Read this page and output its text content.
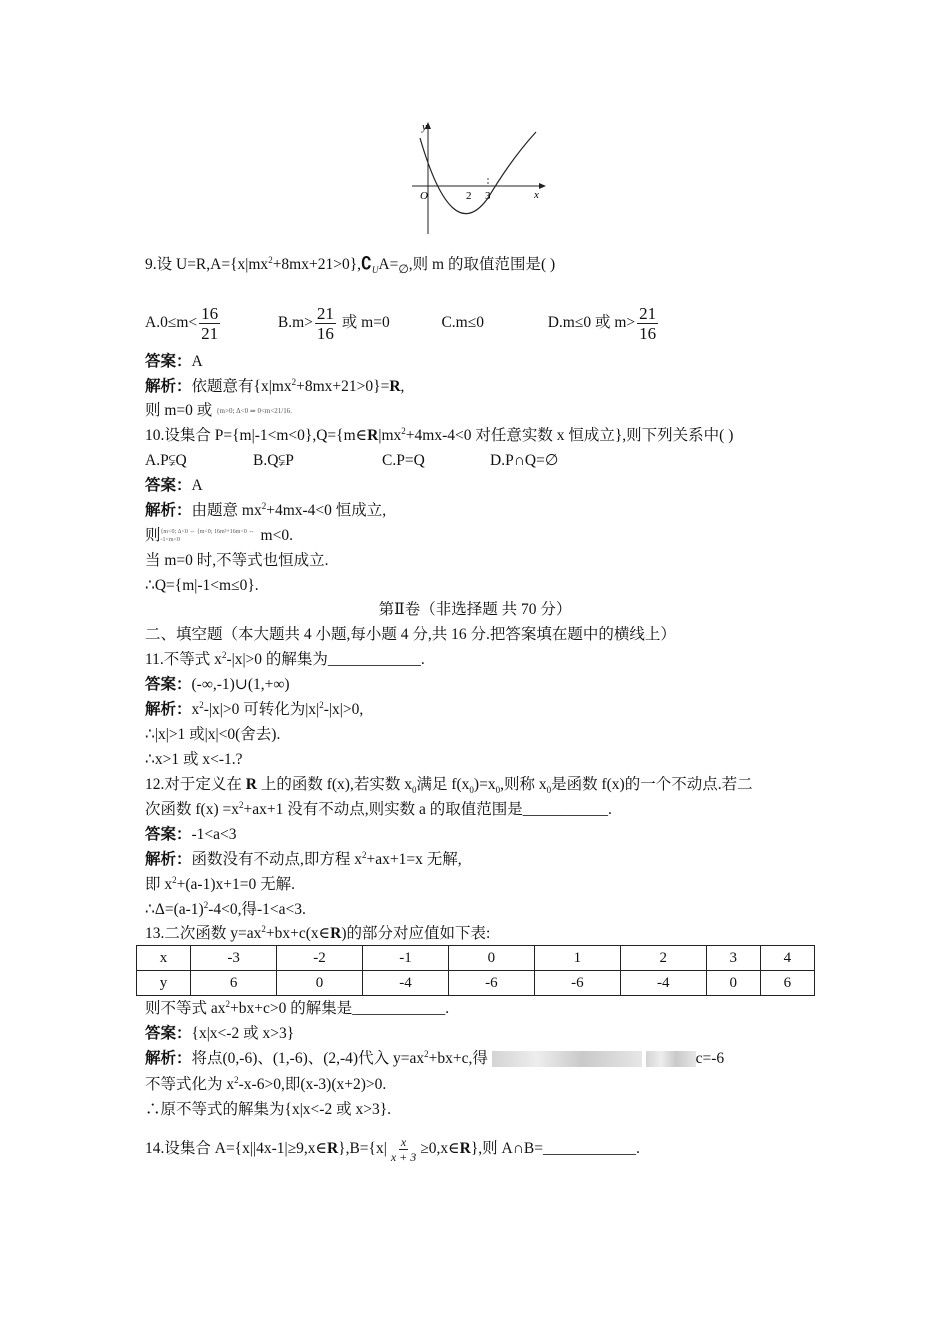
y
x
O	2 3
9.设 $U=R,A=\{x|mx^2+8mx+21>0\},∁_UA=_\emptyset$,则 m 的取值范围是( )
$A.0\le m< \frac{16}{21}$	$B.m> \frac{21}{16}$ 或 m=0	C.m≤0	D.m≤0 或 $m> \frac{21}{16}$
答案：A
解析：依题意有$\{x|mx^2+8mx+21>0\}=R$,
则 m=0 或 {m>0; Δ<0 ⇒ 0<m<21/16.
10.设集合 $P=\{m|-1<m<0\},Q=\{m\in R|mx^2+4mx-4<0$ 对任意实数 x 恒成立},则下列关系中( )
A.P⫋Q	B.Q⫋P	C.P=Q	D.P∩Q=∅
答案：A
解析：由题意 $mx^2+4mx-4<0$ 恒成立,
则{m<0; Δ<0 ⇔ {m<0; 16m²+16m<0 ⇔ -1<m<0	m<0.
当 m=0 时,不等式也恒成立.
∴Q={m|-1<m≤0}.
第Ⅱ卷（非选择题 共 70 分）
二、填空题（本大题共 4 小题,每小题 4 分,共 16 分.把答案填在题中的横线上）
11.不等式 $x^2-|x|>0$ 的解集为____________.
答案：(-∞,-1)∪(1,+∞)
解析：$x^2-|x|>0$ 可转化为$|x|^2-|x|>0$,
∴|x|>1 或|x|<0(舍去).
∴x>1 或 x<-1.?
12.对于定义在 R 上的函数 f(x),若实数 $x_0$满足 $f(x_0)=x_0$,则称 $x_0$是函数 f(x)的一个不动点.若二
次函数 $f(x) =x^2+ax+1$ 没有不动点,则实数 a 的取值范围是___________.
答案：-1<a<3
解析：函数没有不动点,即方程 $x^2+ax+1=x$ 无解,
即 $x^2+(a-1)x+1=0$ 无解.
$\therefore\Delta=(a-1)^2-4<0$,得-1<a<3.
13.二次函数 $y=ax^2+bx+c(x\in R)$的部分对应值如下表:
x	-3	-2	-1	0	1	2	3	4
y	6	0	-4	-6	-6	-4	0	6
则不等式 $ax^2+bx+c>0$ 的解集是____________.
答案：{x|x<-2 或 x>3}
解析：将点(0,-6)、(1,-6)、(2,-4)代入 $y=ax^2+bx+c$,得	c=-6
不等式化为 $x^2-x-6>0$,即(x-3)(x+2)>0.
∴原不等式的解集为{x|x<-2 或 x>3}.
14.设集合 A={x||4x-1|≥9,x∈R},B={x| $\frac{x}{x + 3}$ ≥0,x∈R},则 A∩B=____________.
